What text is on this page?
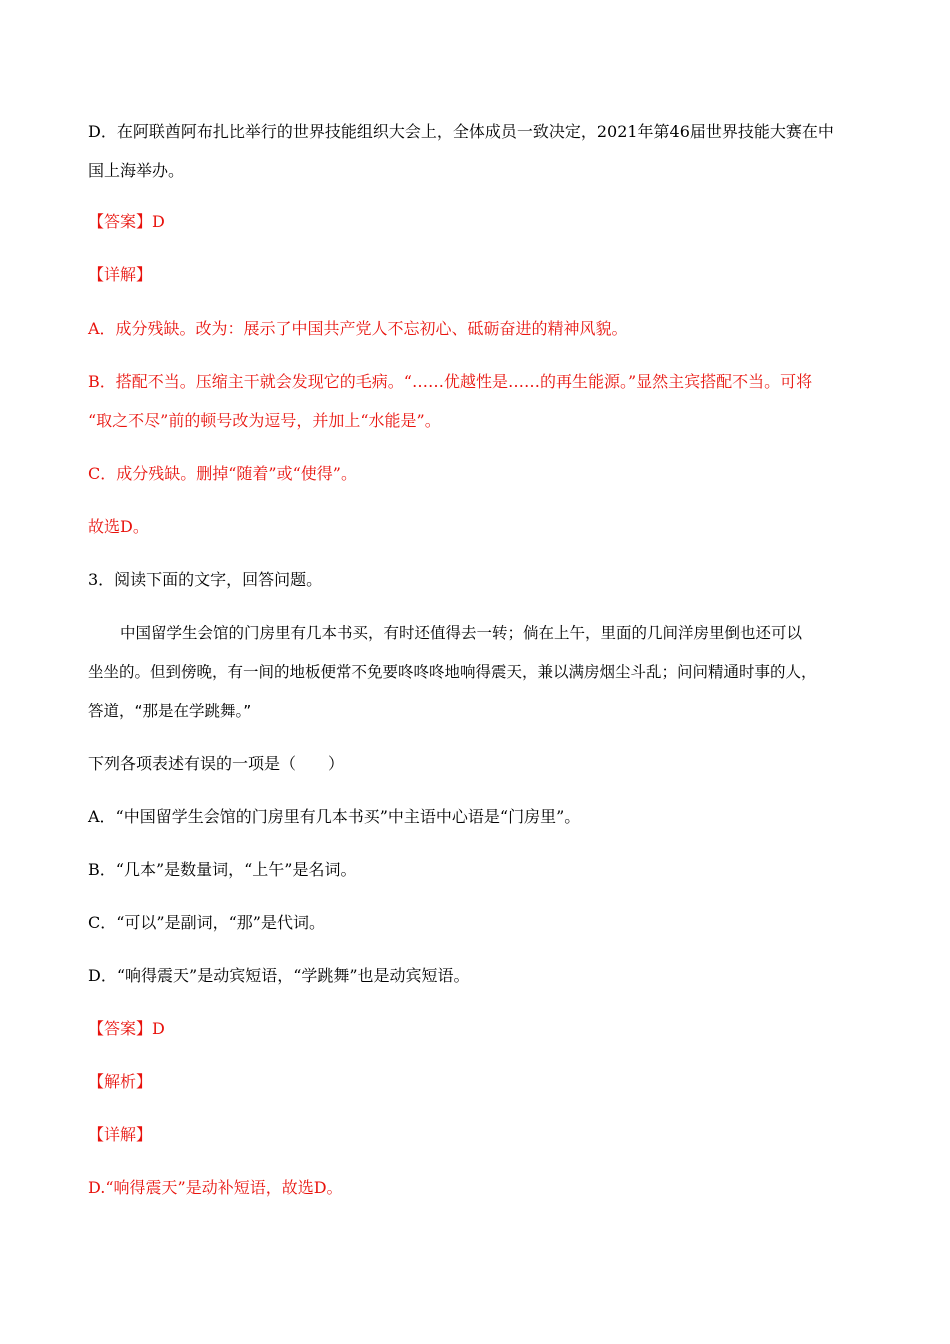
D．在阿联酋阿布扎比举行的世界技能组织大会上，全体成员一致决定，2021年第46届世界技能大赛在中
国上海举办。
【答案】D
【详解】
A．成分残缺。改为：展示了中国共产党人不忘初心、砥砺奋进的精神风貌。
B．搭配不当。压缩主干就会发现它的毛病。“……优越性是……的再生能源。”显然主宾搭配不当。可将
“取之不尽”前的顿号改为逗号，并加上“水能是”。
C．成分残缺。删掉“随着”或“使得”。
故选D。
3．阅读下面的文字，回答问题。
中国留学生会馆的门房里有几本书买，有时还值得去一转；倘在上午，里面的几间洋房里倒也还可以
坐坐的。但到傍晚，有一间的地板便常不免要咚咚咚地响得震天，兼以满房烟尘斗乱；问问精通时事的人，
答道，“那是在学跳舞。”
下列各项表述有误的一项是（　　）
A．“中国留学生会馆的门房里有几本书买”中主语中心语是“门房里”。
B．“几本”是数量词，“上午”是名词。
C．“可以”是副词，“那”是代词。
D．“响得震天”是动宾短语，“学跳舞”也是动宾短语。
【答案】D
【解析】
【详解】
D.“响得震天”是动补短语，故选D。
